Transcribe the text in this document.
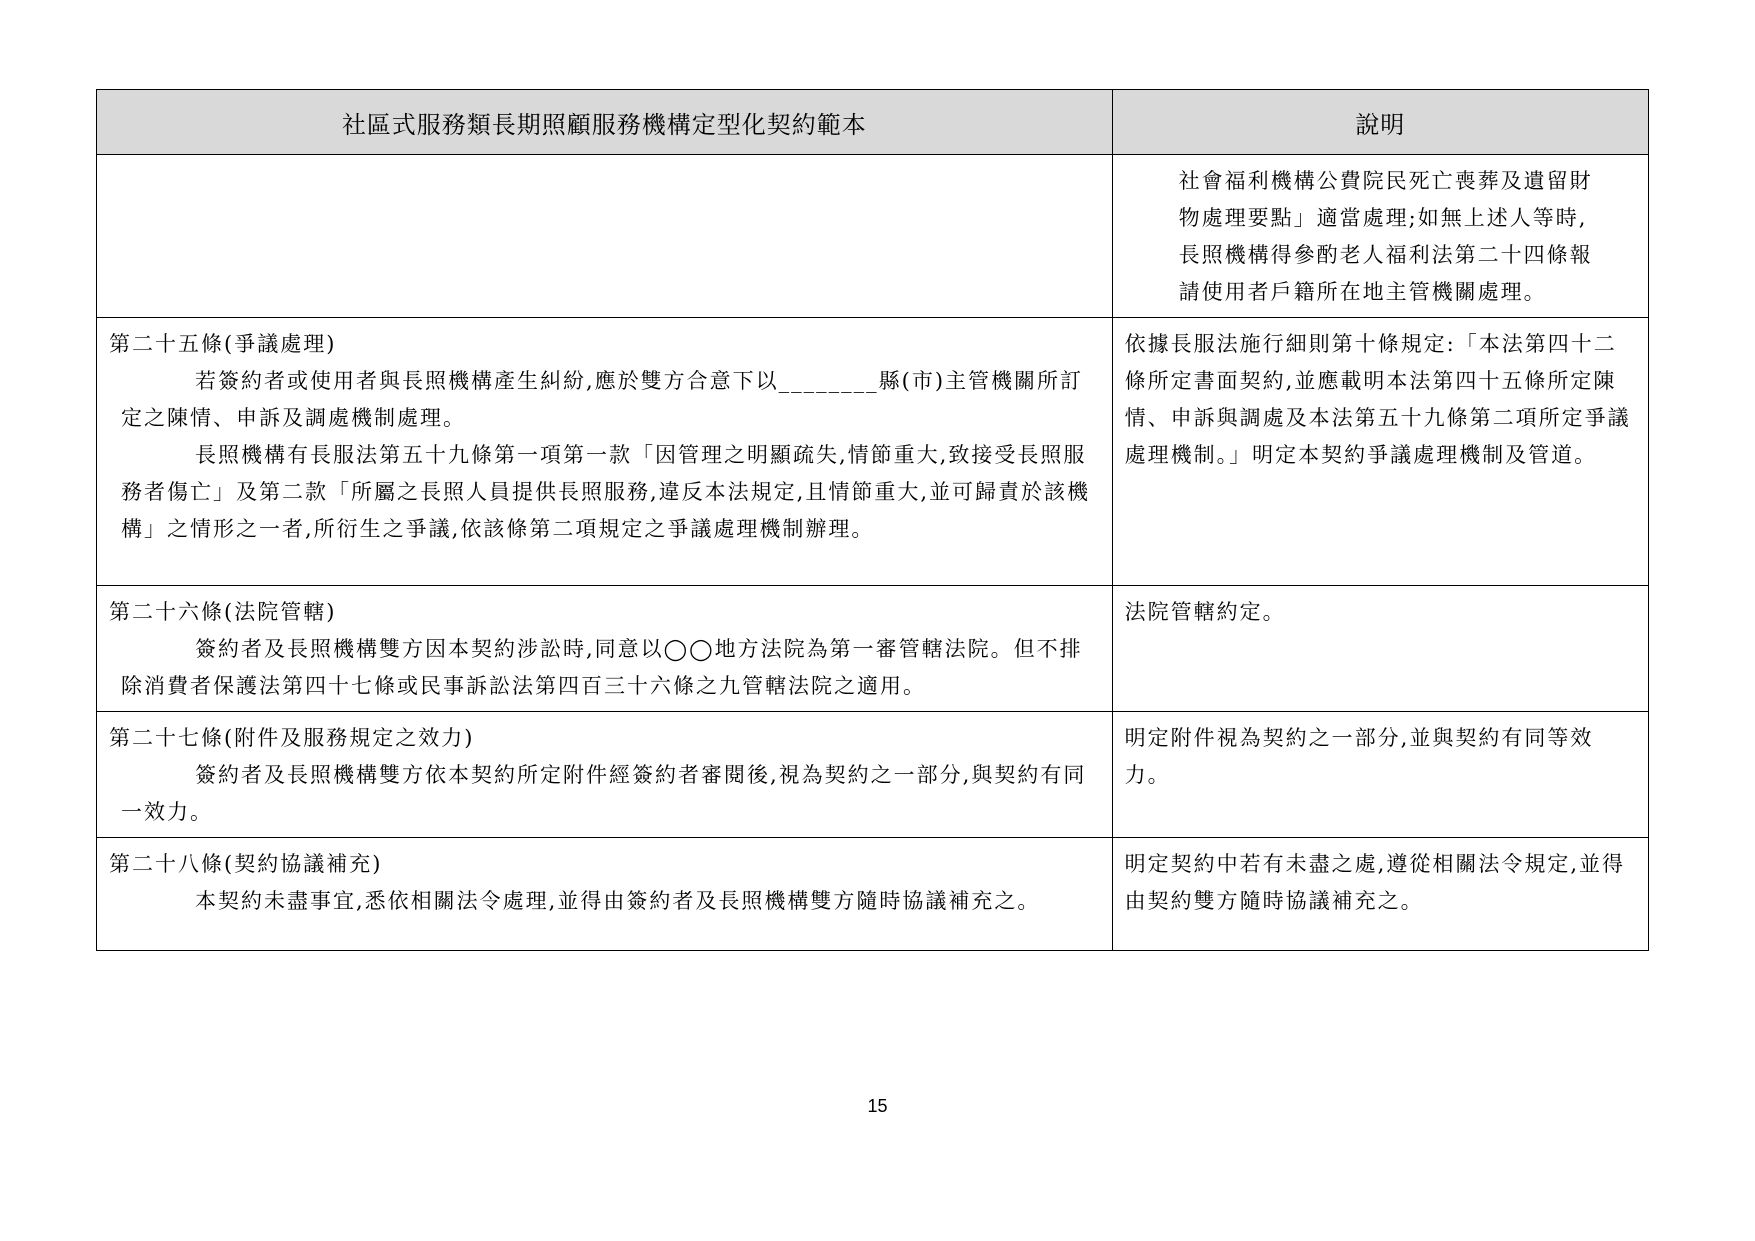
社區式服務類長期照顧服務機構定型化契約範本	說明

	社會福利機構公費院民死亡喪葬及遺留財
物處理要點」適當處理;如無上述人等時,
長照機構得參酌老人福利法第二十四條報
請使用者戶籍所在地主管機關處理。

第二十五條(爭議處理)
若簽約者或使用者與長照機構產生糾紛,應於雙方合意下以________縣(市)主管機關所訂定之陳情、申訴及調處機制處理。
長照機構有長服法第五十九條第一項第一款「因管理之明顯疏失,情節重大,致接受長照服務者傷亡」及第二款「所屬之長照人員提供長照服務,違反本法規定,且情節重大,並可歸責於該機構」之情形之一者,所衍生之爭議,依該條第二項規定之爭議處理機制辦理。	依據長服法施行細則第十條規定:「本法第四十二條所定書面契約,並應載明本法第四十五條所定陳情、申訴與調處及本法第五十九條第二項所定爭議處理機制。」明定本契約爭議處理機制及管道。

第二十六條(法院管轄)
簽約者及長照機構雙方因本契約涉訟時,同意以◯◯地方法院為第一審管轄法院。但不排除消費者保護法第四十七條或民事訴訟法第四百三十六條之九管轄法院之適用。	法院管轄約定。

第二十七條(附件及服務規定之效力)
簽約者及長照機構雙方依本契約所定附件經簽約者審閱後,視為契約之一部分,與契約有同一效力。	明定附件視為契約之一部分,並與契約有同等效力。

第二十八條(契約協議補充)
本契約未盡事宜,悉依相關法令處理,並得由簽約者及長照機構雙方隨時協議補充之。	明定契約中若有未盡之處,遵從相關法令規定,並得由契約雙方隨時協議補充之。
15
